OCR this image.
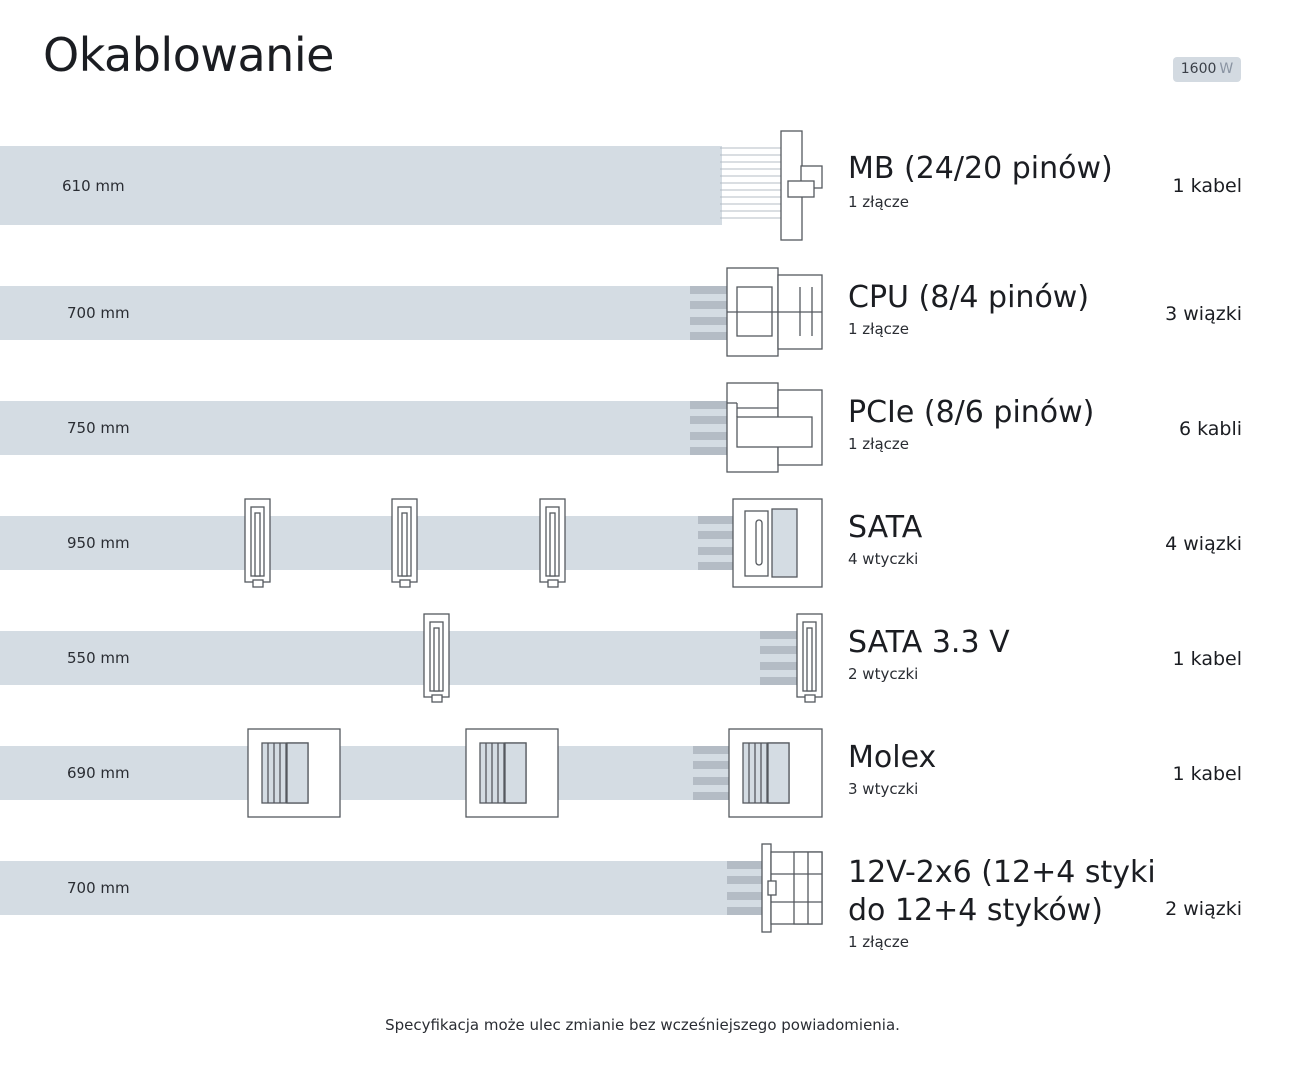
Okablowanie	1600 W
610 mm	MB (24/20 pinów)
1 złącze
1 kabel
700 mm	CPU (8/4 pinów)
1 złącze
3 wiązki
750 mm	PCIe (8/6 pinów)
1 złącze
6 kabli
950 mm	SATA
4 wtyczki
4 wiązki
550 mm	SATA 3.3 V
2 wtyczki
1 kabel
690 mm	Molex
3 wtyczki
1 kabel
700 mm	12V-2x6 (12+4 styki
do 12+4 styków)
1 złącze
2 wiązki
Specyfikacja może ulec zmianie bez wcześniejszego powiadomienia.
